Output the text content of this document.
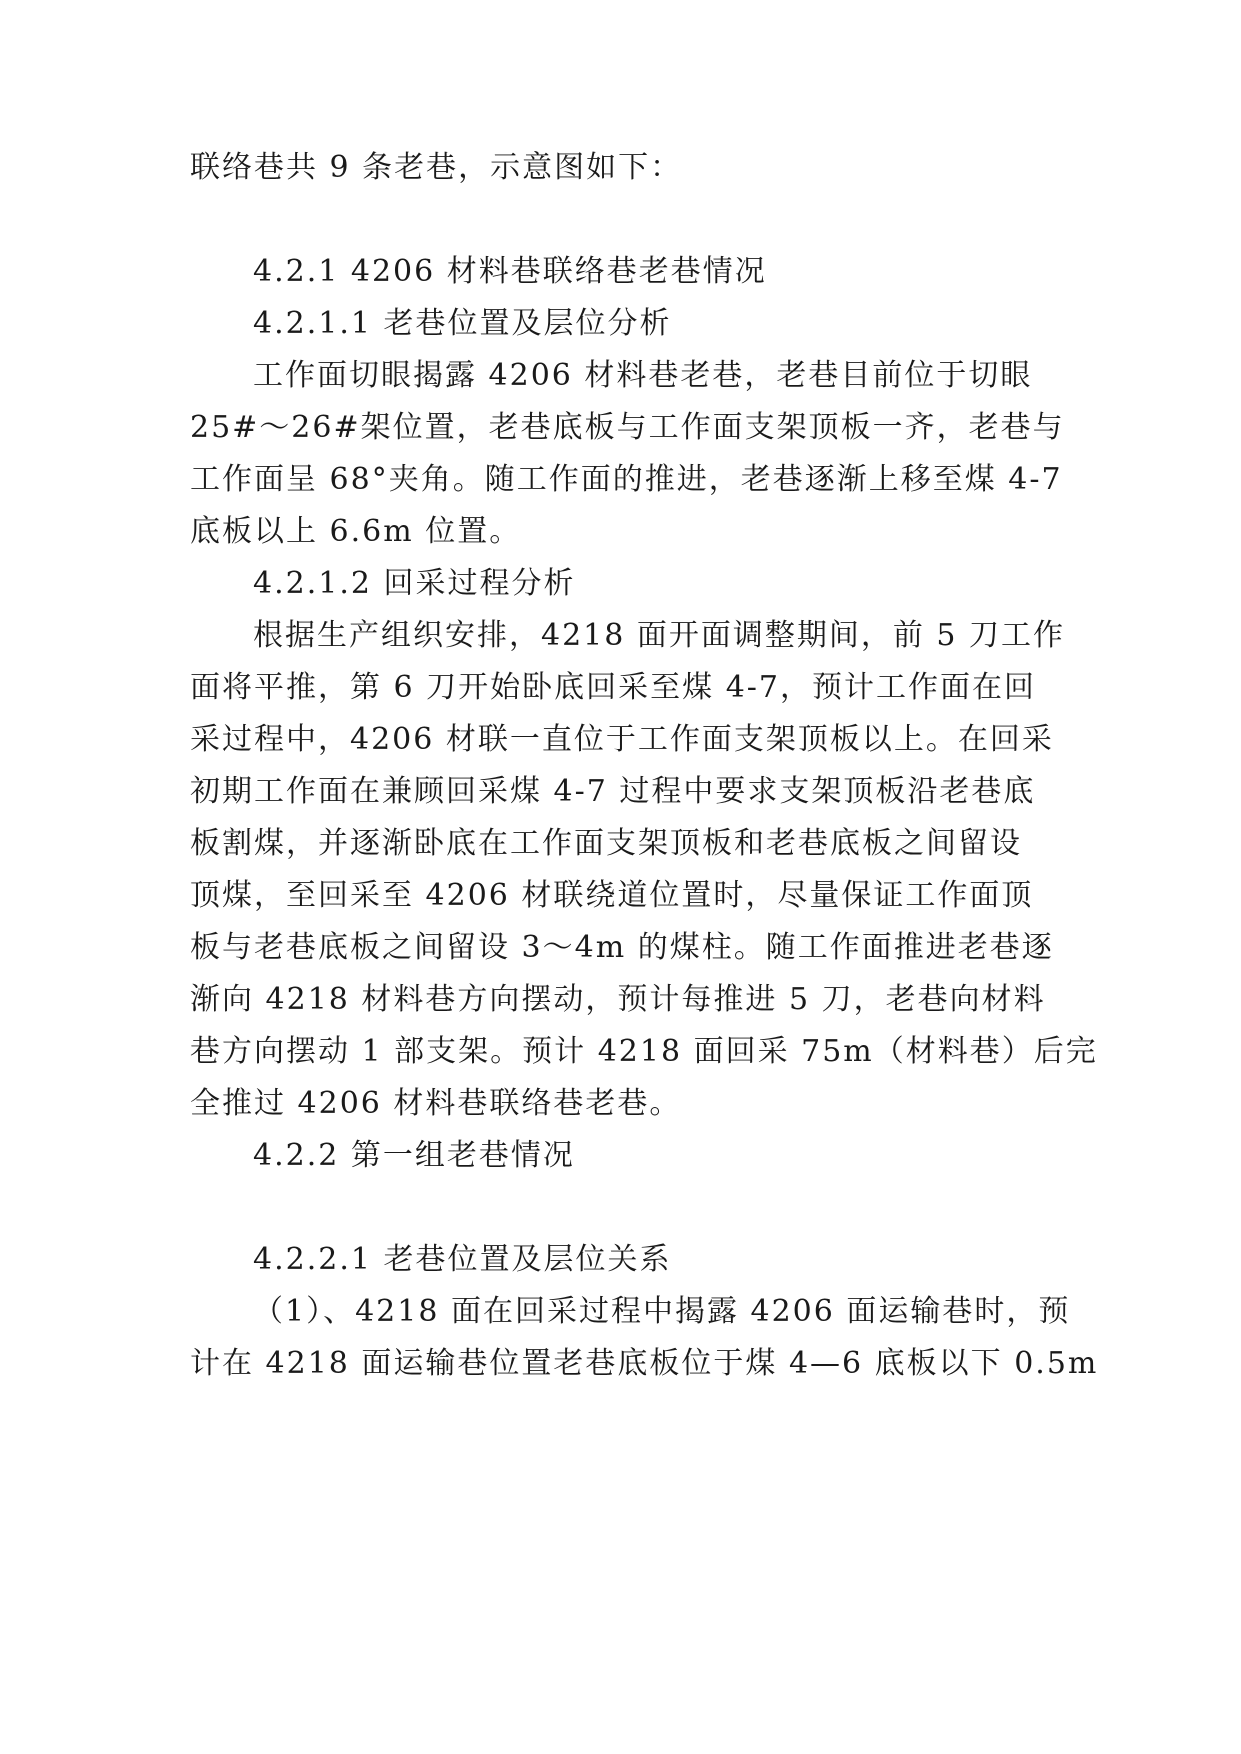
联络巷共 9 条老巷，示意图如下：
4.2.1 4206 材料巷联络巷老巷情况
4.2.1.1 老巷位置及层位分析
工作面切眼揭露 4206 材料巷老巷，老巷目前位于切眼
25#～26#架位置，老巷底板与工作面支架顶板一齐，老巷与
工作面呈 68°夹角。随工作面的推进，老巷逐渐上移至煤 4-7
底板以上 6.6m 位置。
4.2.1.2 回采过程分析
根据生产组织安排，4218 面开面调整期间，前 5 刀工作
面将平推，第 6 刀开始卧底回采至煤 4-7，预计工作面在回
采过程中，4206 材联一直位于工作面支架顶板以上。在回采
初期工作面在兼顾回采煤 4-7 过程中要求支架顶板沿老巷底
板割煤，并逐渐卧底在工作面支架顶板和老巷底板之间留设
顶煤，至回采至 4206 材联绕道位置时，尽量保证工作面顶
板与老巷底板之间留设 3～4m 的煤柱。随工作面推进老巷逐
渐向 4218 材料巷方向摆动，预计每推进 5 刀，老巷向材料
巷方向摆动 1 部支架。预计 4218 面回采 75m（材料巷）后完
全推过 4206 材料巷联络巷老巷。
4.2.2 第一组老巷情况
4.2.2.1 老巷位置及层位关系
（1）、4218 面在回采过程中揭露 4206 面运输巷时，预
计在 4218 面运输巷位置老巷底板位于煤 4—6 底板以下 0.5m
